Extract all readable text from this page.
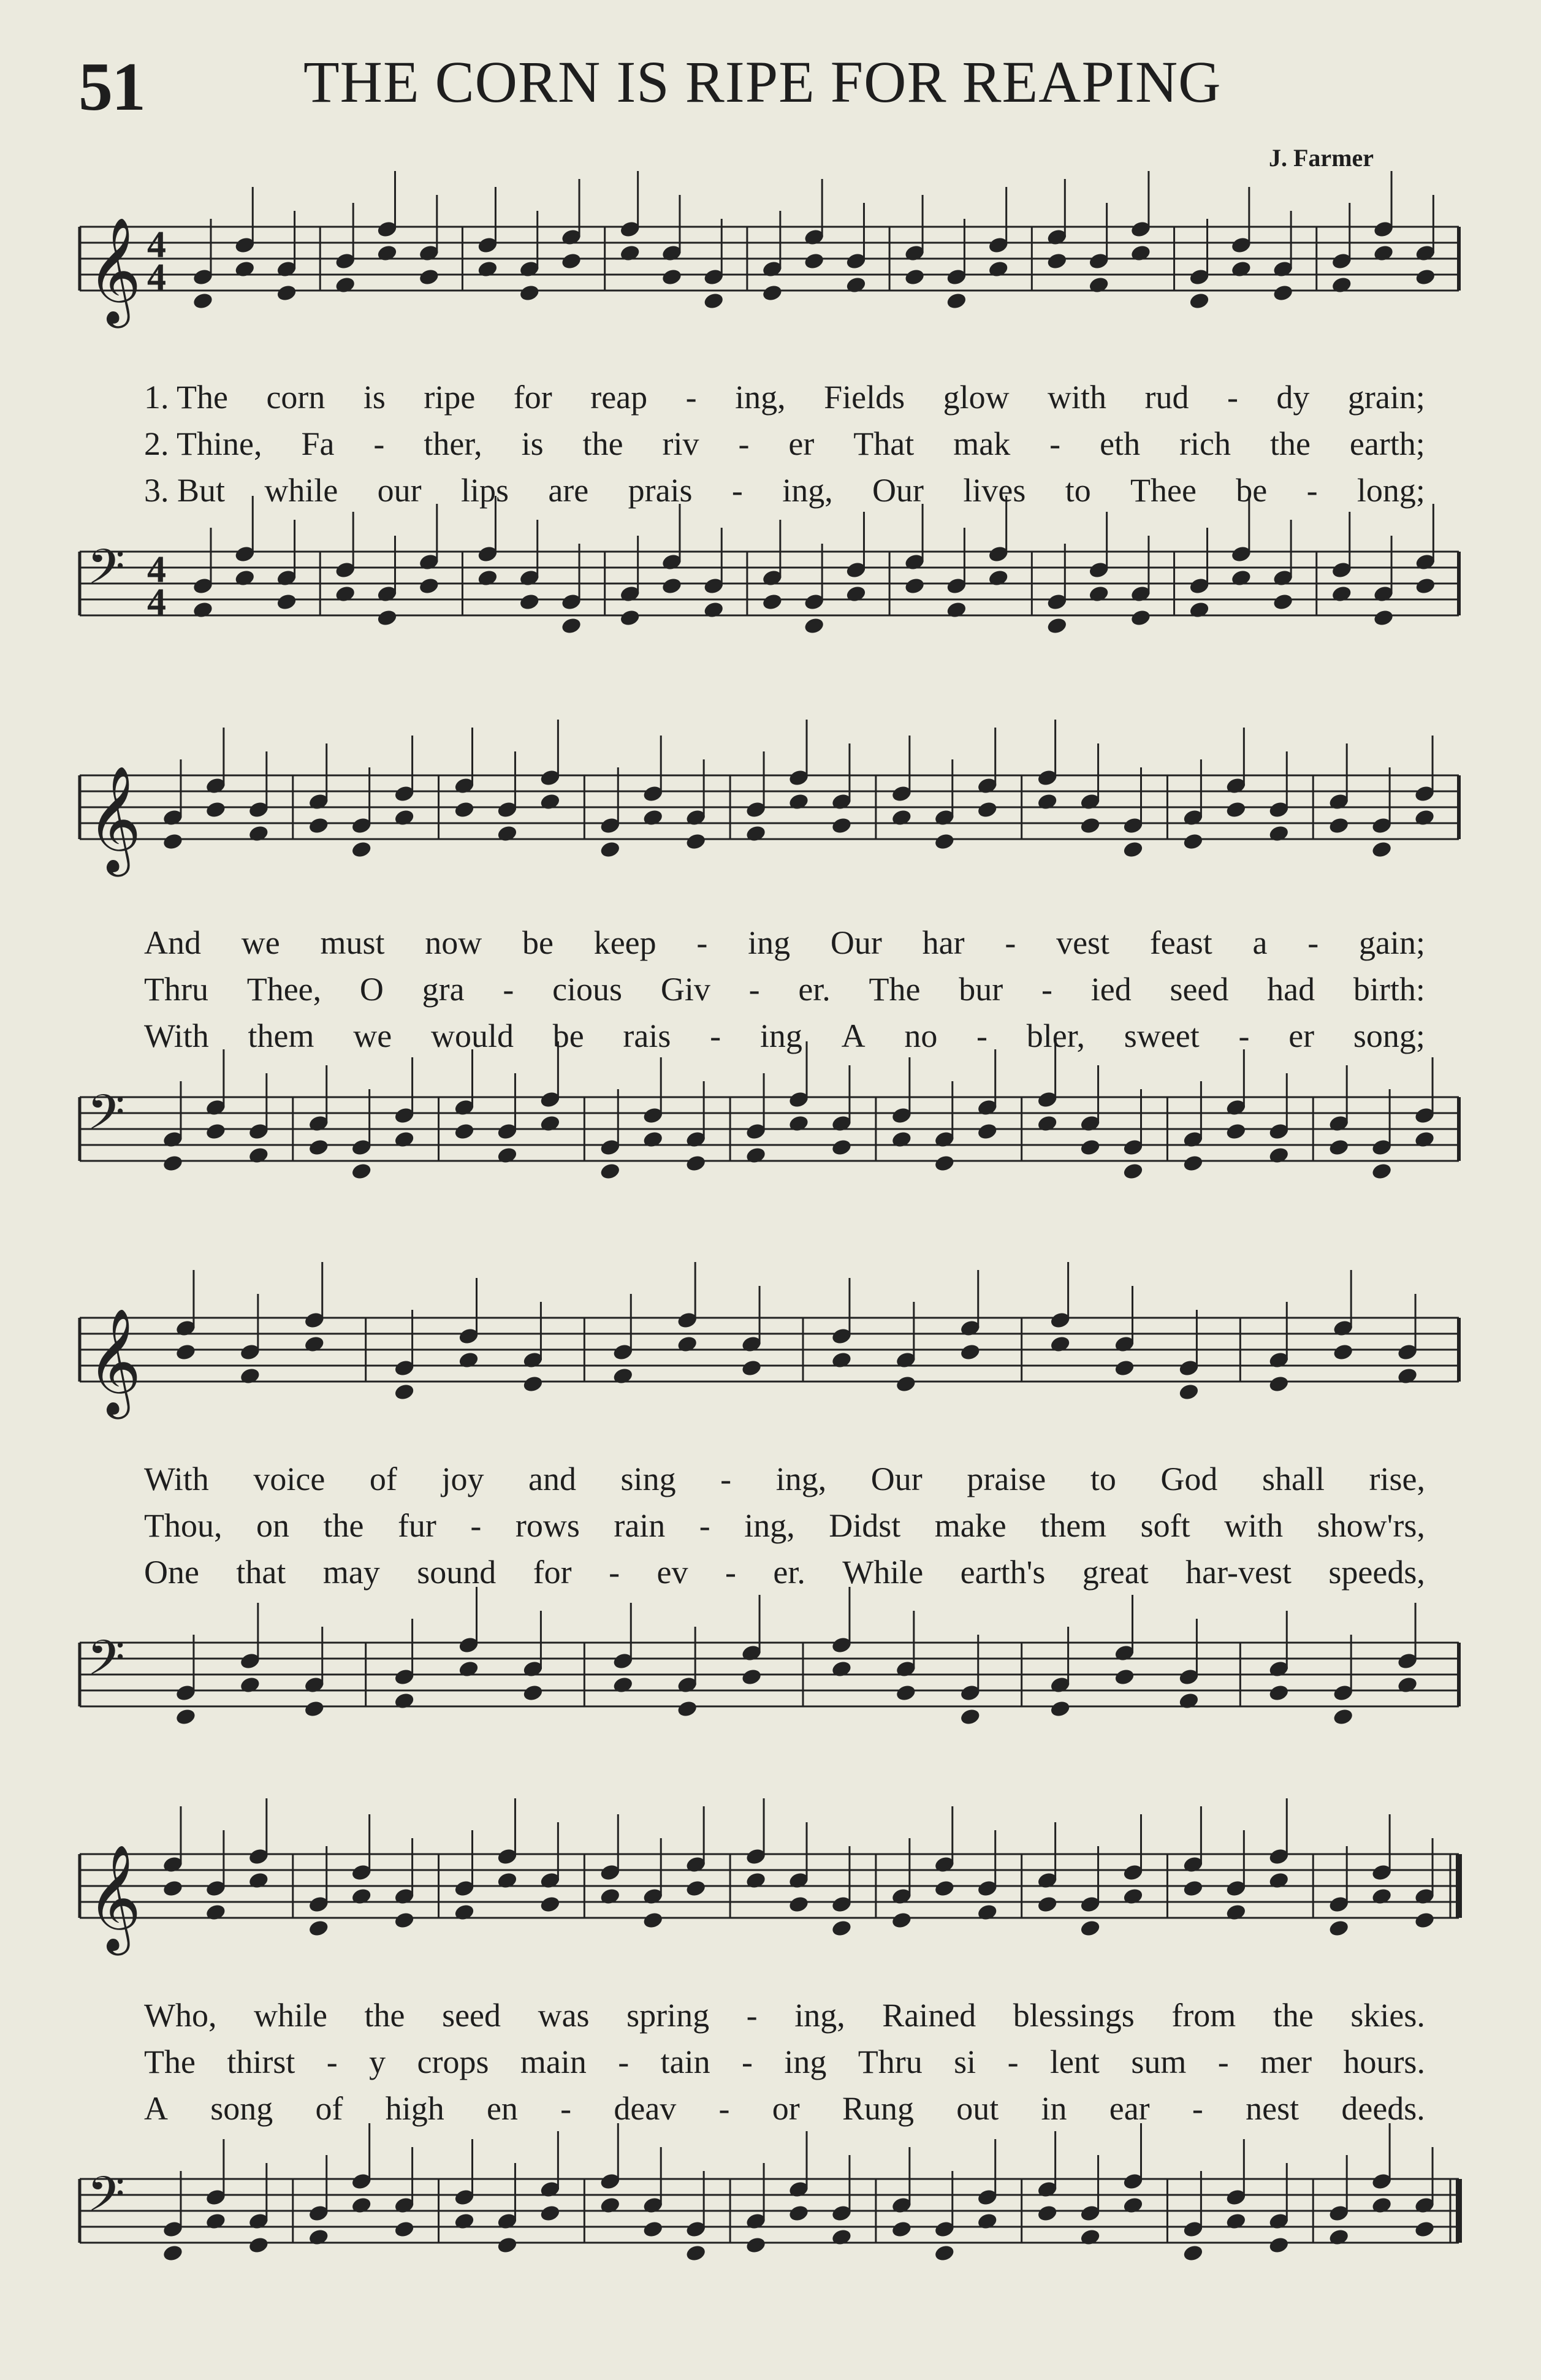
51	THE CORN IS RIPE FOR REAPING
J. Farmer
𝄞 4
4
𝄢 4
4
𝄞
𝄢
𝄞
𝄢
𝄞
𝄢
1. The corn is ripe for reap - ing, Fields glow with rud - dy grain;
2. Thine, Fa - ther, is the riv - er That mak - eth rich the earth;
3. But while our lips are prais - ing, Our lives to Thee be - long;
And we must now be keep - ing Our har - vest feast a - gain;
Thru Thee, O gra - cious Giv - er. The bur - ied seed had birth:
With them we would be rais - ing A no - bler, sweet - er song;
With voice of joy and sing - ing, Our praise to God shall rise,
Thou, on the fur - rows rain - ing, Didst make them soft with show'rs,
One that may sound for - ev - er. While earth's great har-vest speeds,
Who, while the seed was spring - ing, Rained blessings from the skies.
The thirst - y crops main - tain - ing Thru si - lent sum - mer hours.
A song of high en - deav - or Rung out in ear - nest deeds.
